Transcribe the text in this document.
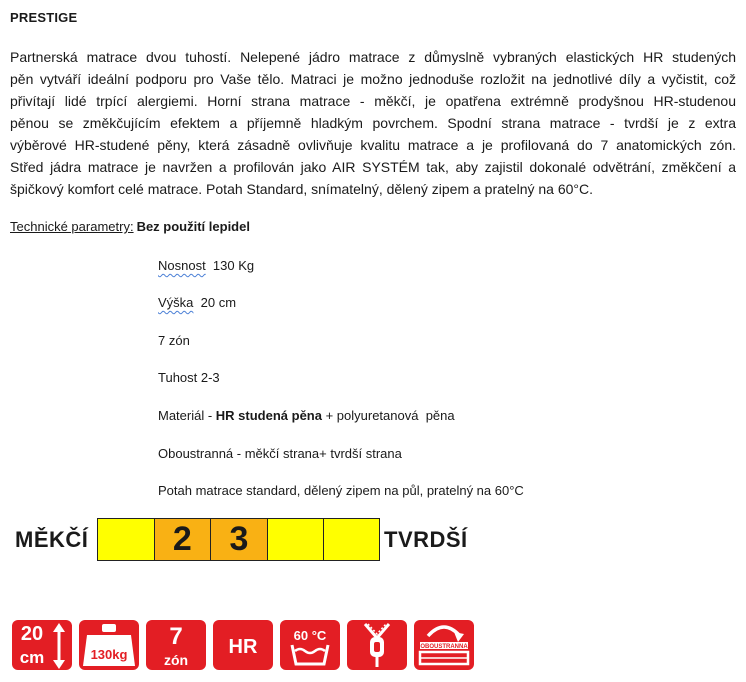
PRESTIGE
Partnerská matrace dvou tuhostí. Nelepené jádro matrace z důmyslně vybraných elastických HR studených
pěn vytváří ideální podporu pro Vaše tělo. Matraci je možno jednoduše rozložit na jednotlivé díly a vyčistit, což
přivítají lidé trpící alergiemi. Horní strana matrace - měkčí, je opatřena extrémně prodyšnou HR-studenou
pěnou se změkčujícím efektem a příjemně hladkým povrchem. Spodní strana matrace - tvrdší je z extra
výběrové HR-studené pěny, která zásadně ovlivňuje kvalitu matrace a je profilovaná do 7 anatomických zón.
Střed jádra matrace je navržen a profilován jako AIR SYSTÉM tak, aby zajistil dokonalé odvětrání, změkčení a
špičkový komfort celé matrace. Potah Standard, snímatelný, dělený zipem a pratelný na 60°C.
Technické parametry: Bez použití lepidel
Nosnost  130 Kg
Výška  20 cm
7 zón
Tuhost 2-3
Materiál - HR studená pěna + polyuretanová  pěna
Oboustranná - měkčí strana+ tvrdší strana
Potah matrace standard, dělený zipem na půl, pratelný na 60°C
MĚKČÍ	2	3	TVRDŠÍ
20
cm	130kg
7
zón
HR
60 °C
OBOUSTRANNA
